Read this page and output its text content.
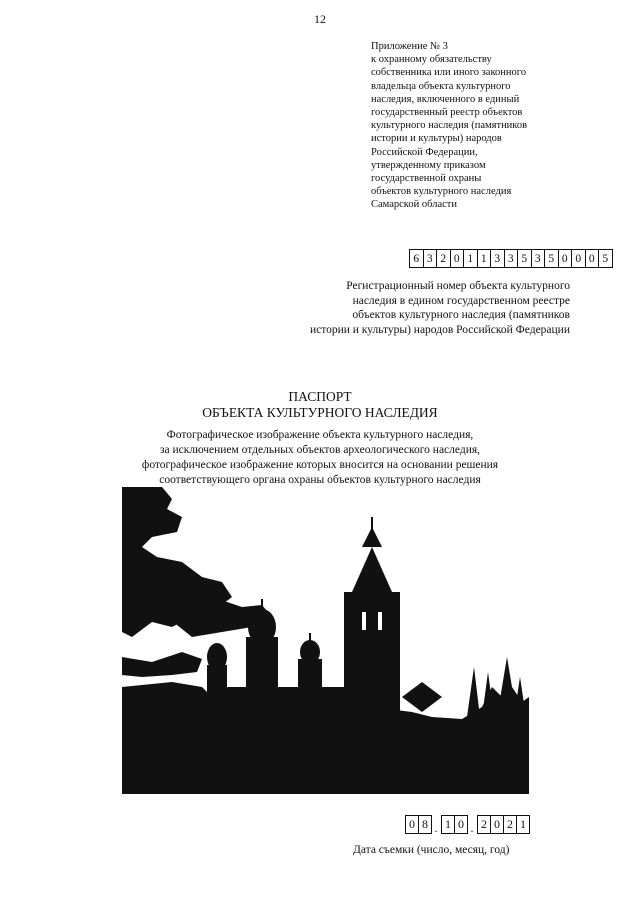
12
Приложение № 3
к охранному обязательству
собственника или иного законного
владельца объекта культурного
наследия, включенного в единый
государственный реестр объектов
культурного наследия (памятников
истории и культуры) народов
Российской Федерации,
утвержденному приказом
государственной охраны
объектов культурного наследия
Самарской области
6 3 2 0 1 1 3 3 5 3 5 0 0 0 5
Регистрационный номер объекта культурного
наследия в едином государственном реестре
объектов культурного наследия (памятников
истории и культуры) народов Российской Федерации
ПАСПОРТ
ОБЪЕКТА КУЛЬТУРНОГО НАСЛЕДИЯ
Фотографическое изображение объекта культурного наследия,
за исключением отдельных объектов археологического наследия,
фотографическое изображение которых вносится на основании решения
соответствующего органа охраны объектов культурного наследия
0 8 . 1 0 . 2 0 2 1
Дата съемки (число, месяц, год)
